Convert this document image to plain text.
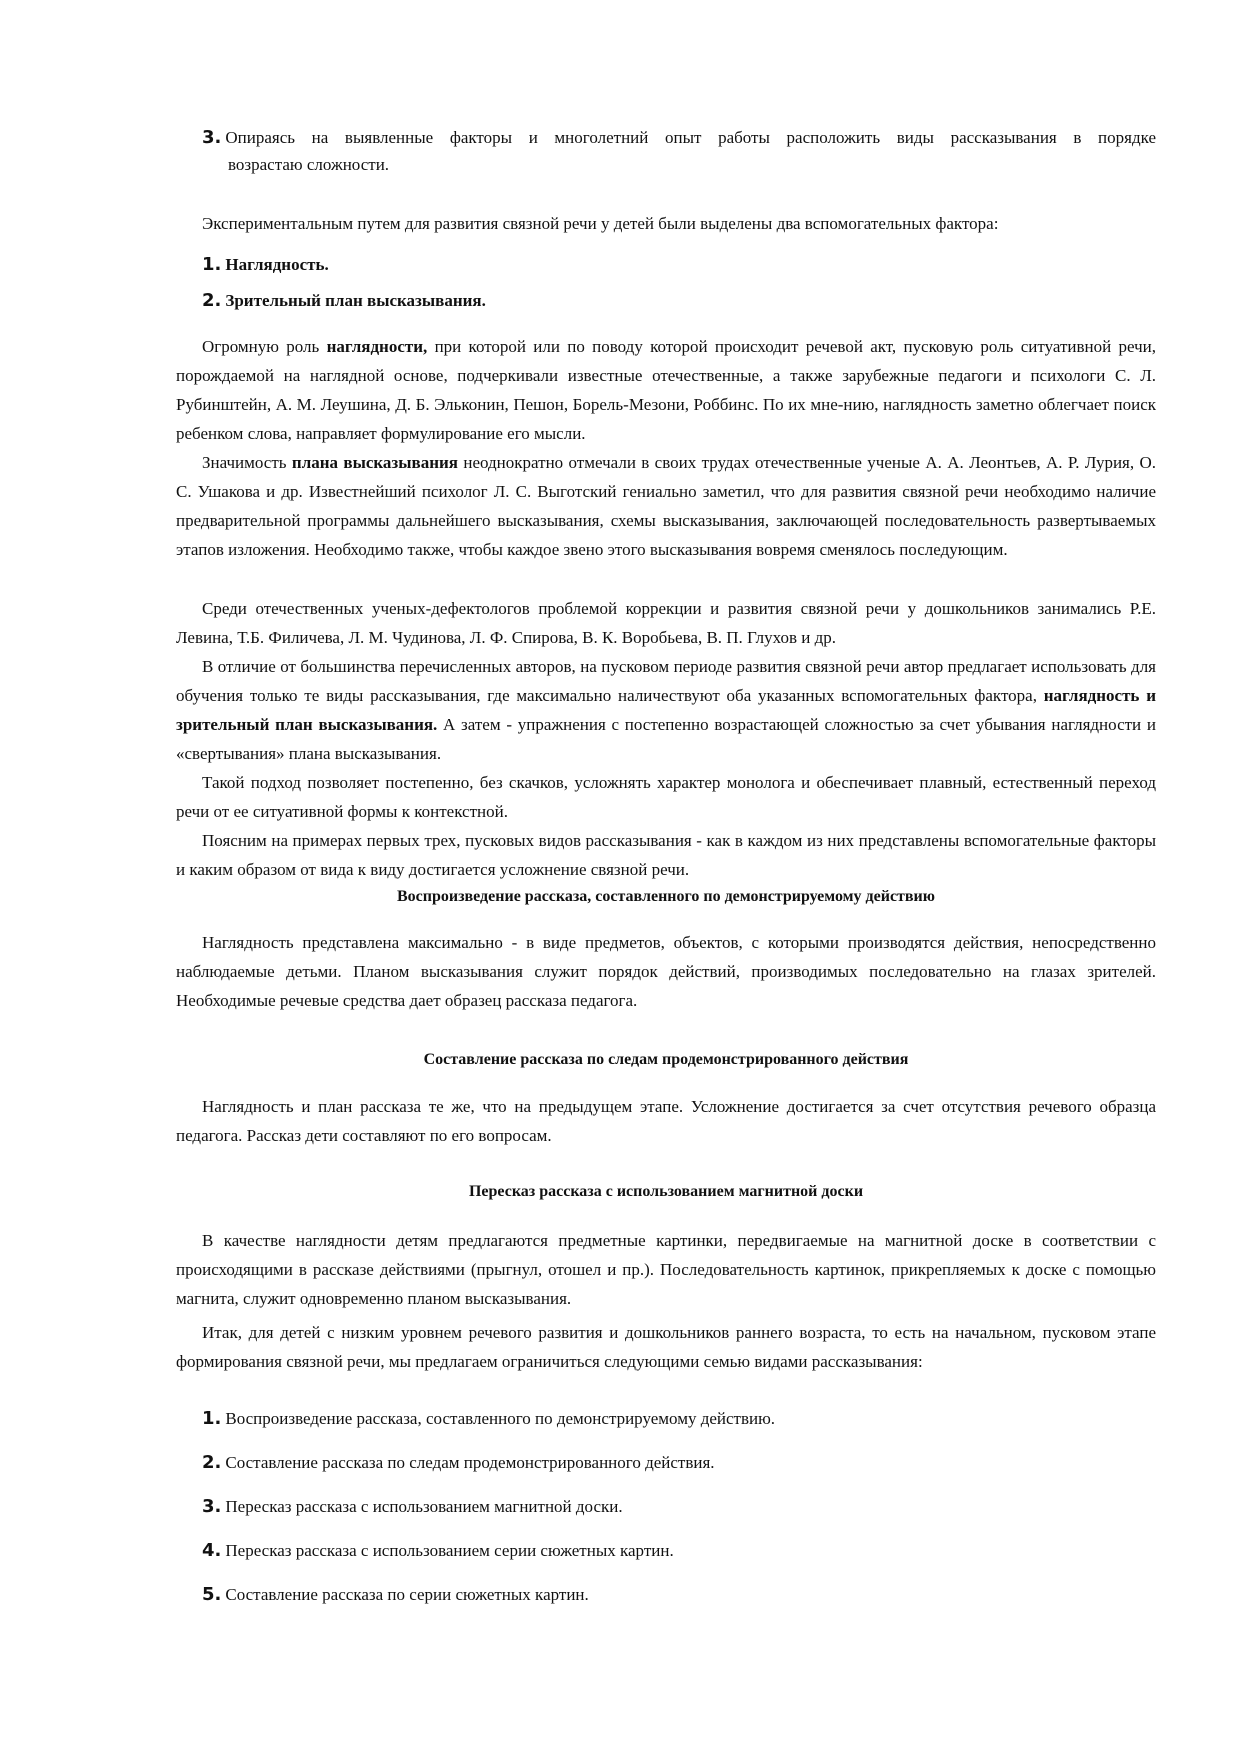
3. Опираясь на выявленные факторы и многолетний опыт работы расположить виды рассказывания в порядке
возрастаю сложности.
Экспериментальным путем для развития связной речи у детей были выделены два вспомогательных фактора:
1. Наглядность.
2. Зрительный план высказывания.
Огромную роль наглядности, при которой или по поводу которой происходит речевой акт, пусковую роль ситуативной речи, порождаемой на наглядной основе, подчеркивали известные отечественные, а также зарубежные педагоги и психологи С. Л. Рубинштейн, А. М. Леушина, Д. Б. Эльконин, Пешон, Борель-Мезони, Роббинс. По их мне-нию, наглядность заметно облегчает поиск ребенком слова, направляет формулирование его мысли.
Значимость плана высказывания неоднократно отмечали в своих трудах отечественные ученые А. А. Леонтьев, А. Р. Лурия, О. С. Ушакова и др. Известнейший психолог Л. С. Выготский гениально заметил, что для развития связной речи необходимо наличие предварительной программы дальнейшего высказывания, схемы высказывания, заключающей последовательность развертываемых этапов изложения. Необходимо также, чтобы каждое звено этого высказывания вовремя сменялось последующим.
Среди отечественных ученых-дефектологов проблемой коррекции и развития связной речи у дошкольников занимались Р.Е. Левина, Т.Б. Филичева, Л. М. Чудинова, Л. Ф. Спирова, В. К. Воробьева, В. П. Глухов и др.
В отличие от большинства перечисленных авторов, на пусковом периоде развития связной речи автор предлагает использовать для обучения только те виды рассказывания, где максимально наличествуют оба указанных вспомогательных фактора, наглядность и зрительный план высказывания. А затем - упражнения с постепенно возрастающей сложностью за счет убывания наглядности и «свертывания» плана высказывания.
Такой подход позволяет постепенно, без скачков, усложнять характер монолога и обеспечивает плавный, естественный переход речи от ее ситуативной формы к контекстной.
Поясним на примерах первых трех, пусковых видов рассказывания - как в каждом из них представлены вспомогательные факторы и каким образом от вида к виду достигается усложнение связной речи.
Воспроизведение рассказа, составленного по демонстрируемому действию
Наглядность представлена максимально - в виде предметов, объектов, с которыми производятся действия, непосредственно наблюдаемые детьми. Планом высказывания служит порядок действий, производимых последовательно на глазах зрителей. Необходимые речевые средства дает образец рассказа педагога.
Составление рассказа по следам продемонстрированного действия
Наглядность и план рассказа те же, что на предыдущем этапе. Усложнение достигается за счет отсутствия речевого образца педагога. Рассказ дети составляют по его вопросам.
Пересказ рассказа с использованием магнитной доски
В качестве наглядности детям предлагаются предметные картинки, передвигаемые на магнитной доске в соответствии с происходящими в рассказе действиями (прыгнул, отошел и пр.). Последовательность картинок, прикрепляемых к доске с помощью магнита, служит одновременно планом высказывания.
Итак, для детей с низким уровнем речевого развития и дошкольников раннего возраста, то есть на начальном, пусковом этапе формирования связной речи, мы предлагаем ограничиться следующими семью видами рассказывания:
1. Воспроизведение рассказа, составленного по демонстрируемому действию.
2. Составление рассказа по следам продемонстрированного действия.
3. Пересказ рассказа с использованием магнитной доски.
4. Пересказ рассказа с использованием серии сюжетных картин.
5. Составление рассказа по серии сюжетных картин.
